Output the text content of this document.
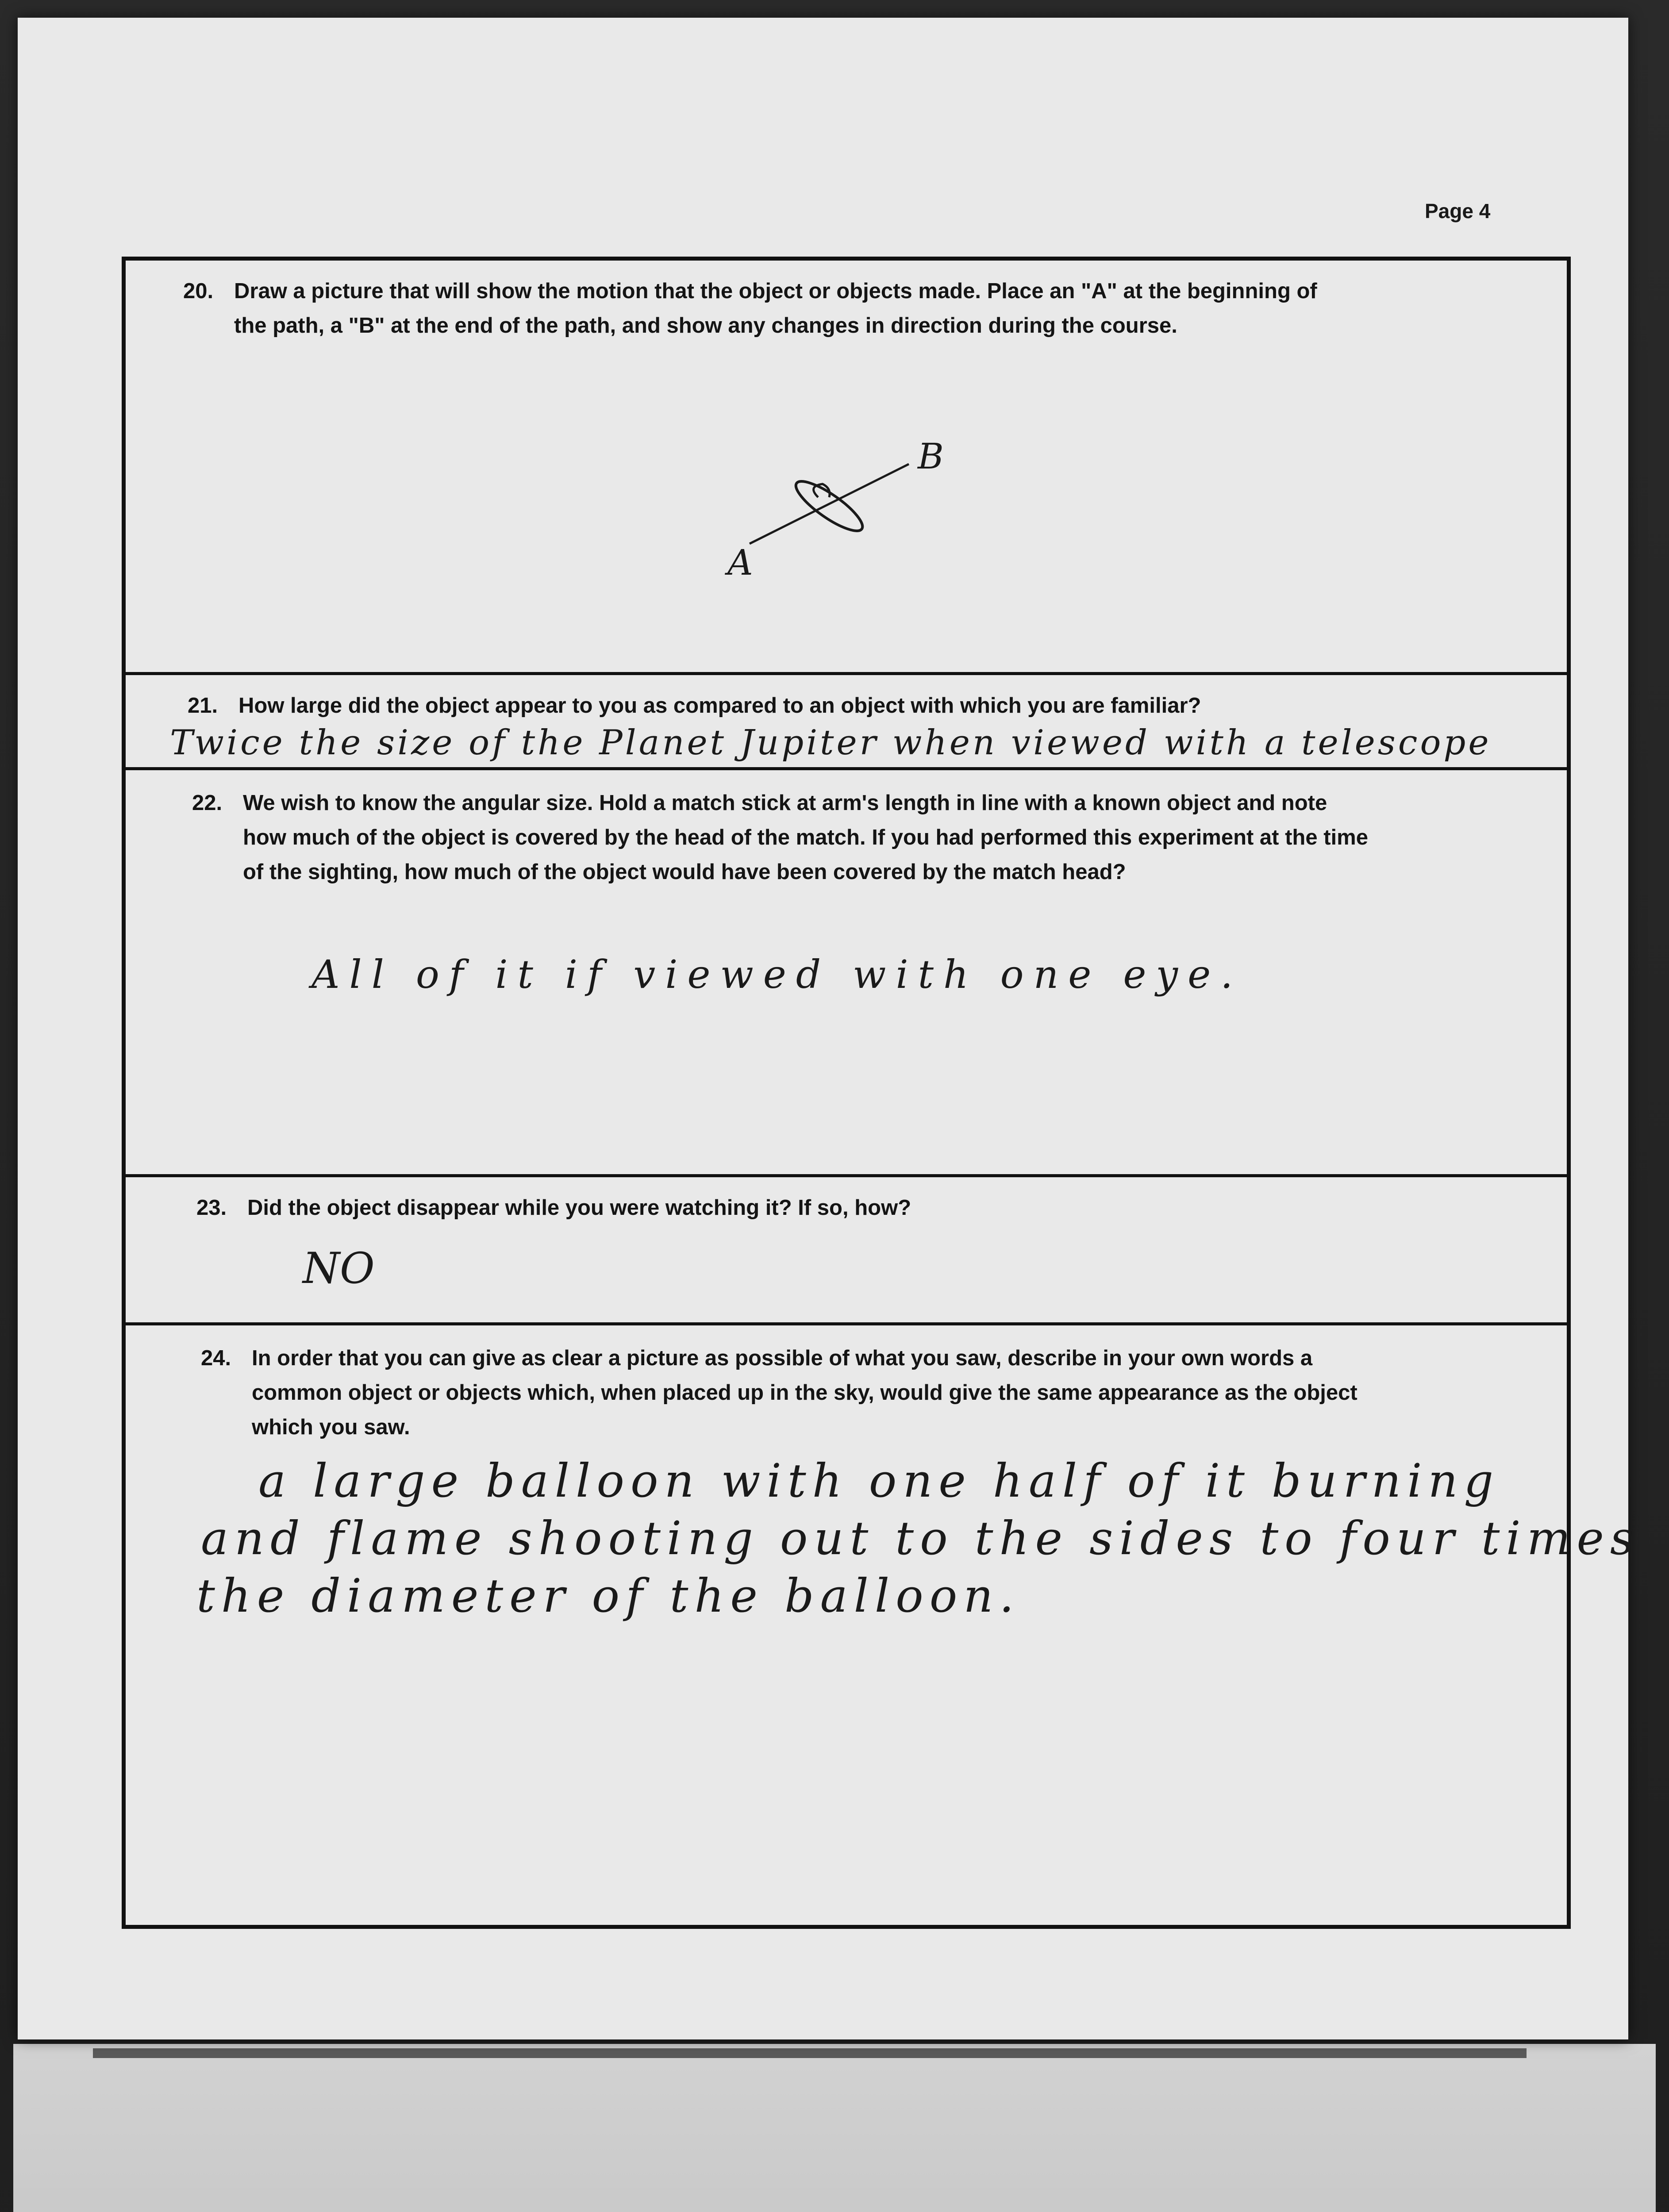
Page 4
20. Draw a picture that will show the motion that the object or objects made. Place an "A" at the beginning of
the path, a "B" at the end of the path, and show any changes in direction during the course.
A
B
21. How large did the object appear to you as compared to an object with which you are familiar?
Twice the size of the Planet Jupiter when viewed with a telescope
22. We wish to know the angular size. Hold a match stick at arm's length in line with a known object and note
how much of the object is covered by the head of the match. If you had performed this experiment at the time
of the sighting, how much of the object would have been covered by the match head?
All of it if viewed with one eye.
23. Did the object disappear while you were watching it? If so, how?
NO
24. In order that you can give as clear a picture as possible of what you saw, describe in your own words a
common object or objects which, when placed up in the sky, would give the same appearance as the object
which you saw.
a large balloon with one half of it burning
and flame shooting out to the sides to four times
the diameter of the balloon.
